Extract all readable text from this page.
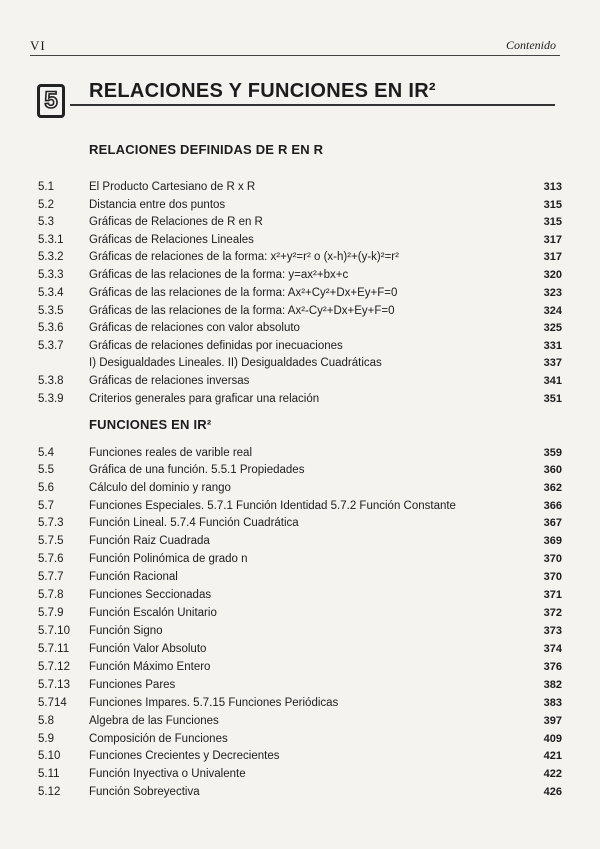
VI	Contenido
5 RELACIONES Y FUNCIONES EN IR²
RELACIONES DEFINIDAS DE R EN R
FUNCIONES EN IR²
5.1	El Producto Cartesiano de R x R	313
5.2	Distancia entre dos puntos	315
5.3	Gráficas de Relaciones de R en R	315
5.3.1 Gráficas de Relaciones Lineales	317
5.3.2 Gráficas de relaciones de la forma: x²+y²=r² o (x-h)²+(y-k)²=r²	317
5.3.3 Gráficas de las relaciones de la forma: y=ax²+bx+c	320
5.3.4 Gráficas de las relaciones de la forma: Ax²+Cy²+Dx+Ey+F=0	323
5.3.5 Gráficas de las relaciones de la forma: Ax²-Cy²+Dx+Ey+F=0	324
5.3.6 Gráficas de relaciones con valor absoluto	325
5.3.7 Gráficas de relaciones definidas por inecuaciones	331
I) Desigualdades Lineales. II) Desigualdades Cuadráticas	337
5.3.8 Gráficas de relaciones inversas	341
5.3.9 Criterios generales para graficar una relación	351
5.4	Funciones reales de varible real	359
5.5	Gráfica de una función. 5.5.1 Propiedades	360
5.6	Cálculo del dominio y rango	362
5.7	Funciones Especiales. 5.7.1 Función Identidad 5.7.2 Función Constante	366
5.7.3 Función Lineal. 5.7.4 Función Cuadrática	367
5.7.5 Función Raiz Cuadrada	369
5.7.6 Función Polinómica de grado n	370
5.7.7 Función Racional	370
5.7.8 Funciones Seccionadas	371
5.7.9 Función Escalón Unitario	372
5.7.10 Función Signo	373
5.7.11 Función Valor Absoluto	374
5.7.12 Función Máximo Entero	376
5.7.13 Funciones Pares	382
5.714 Funciones Impares. 5.7.15 Funciones Periódicas	383
5.8	Algebra de las Funciones	397
5.9	Composición de Funciones	409
5.10 Funciones Crecientes y Decrecientes	421
5.11	Función Inyectiva o Univalente	422
5.12 Función Sobreyectiva	426
